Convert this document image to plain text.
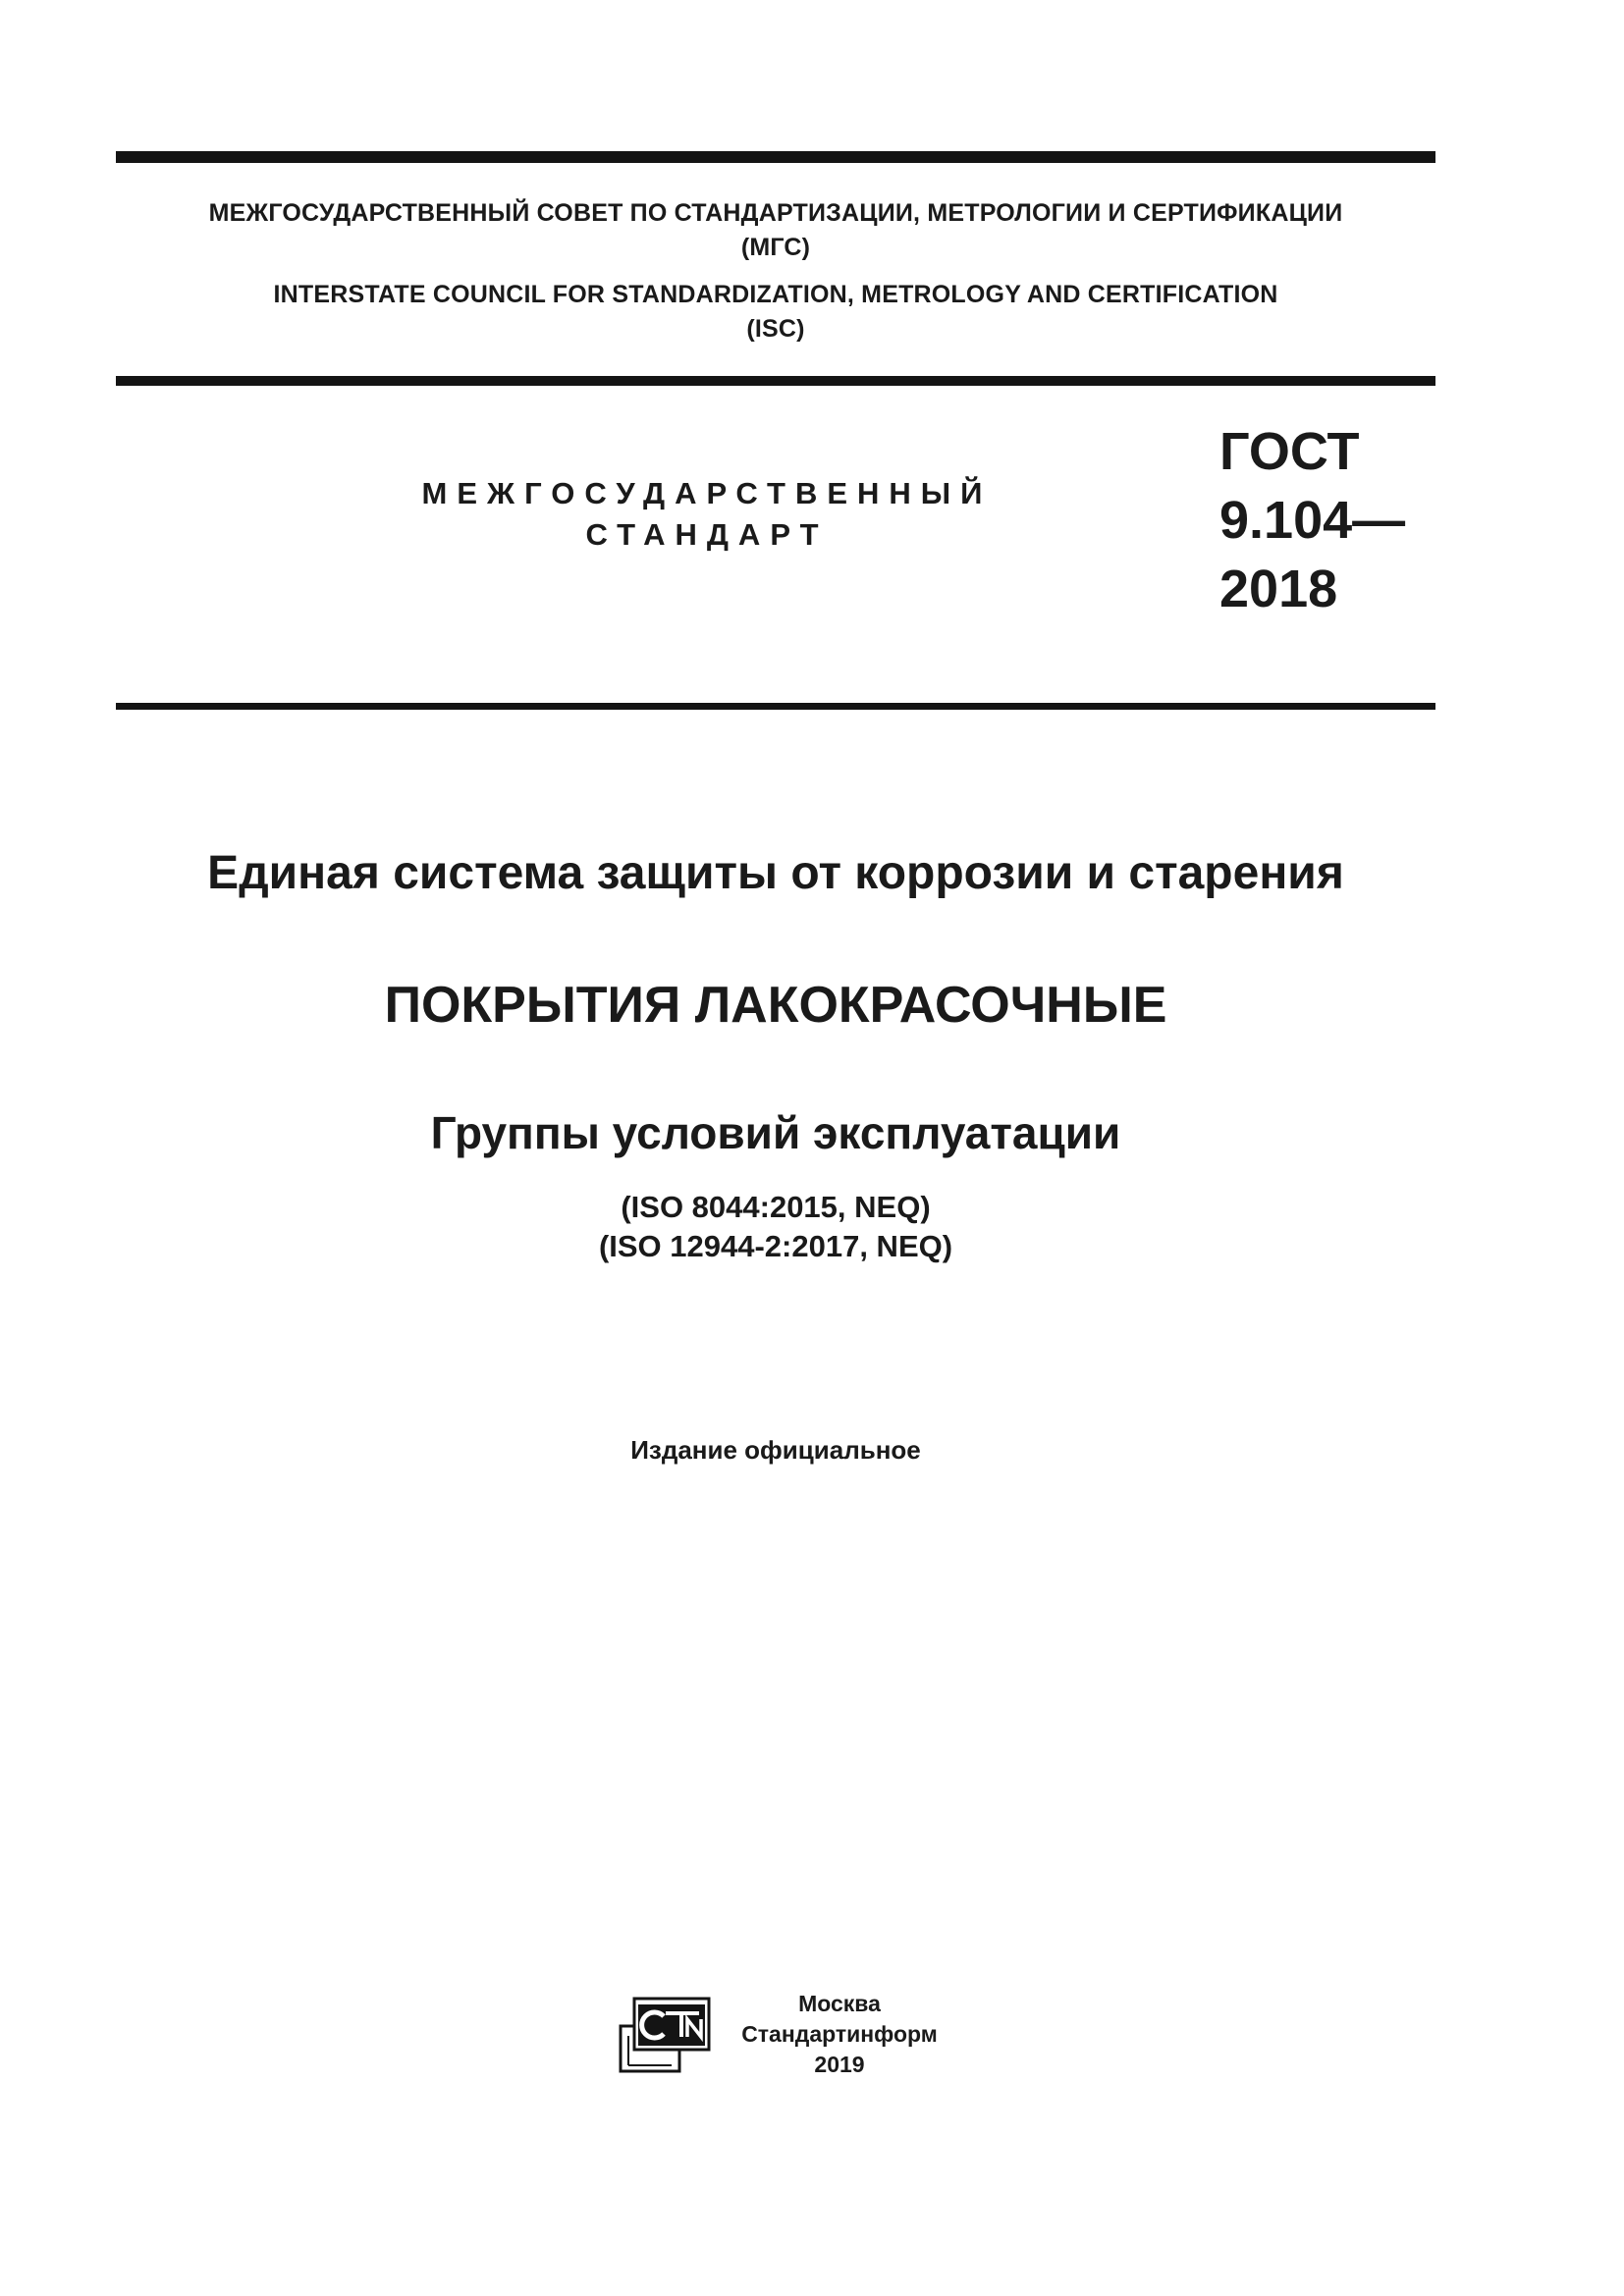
МЕЖГОСУДАРСТВЕННЫЙ СОВЕТ ПО СТАНДАРТИЗАЦИИ, МЕТРОЛОГИИ И СЕРТИФИКАЦИИ
(МГС)
INTERSTATE COUNCIL FOR STANDARDIZATION, METROLOGY AND CERTIFICATION
(ISC)
МЕЖГОСУДАРСТВЕННЫЙ
СТАНДАРТ
ГОСТ
9.104—
2018
Единая система защиты от коррозии и старения
ПОКРЫТИЯ ЛАКОКРАСОЧНЫЕ
Группы условий эксплуатации
(ISO 8044:2015, NEQ)
(ISO 12944-2:2017, NEQ)
Издание официальное
Москва
Стандартинформ
2019
